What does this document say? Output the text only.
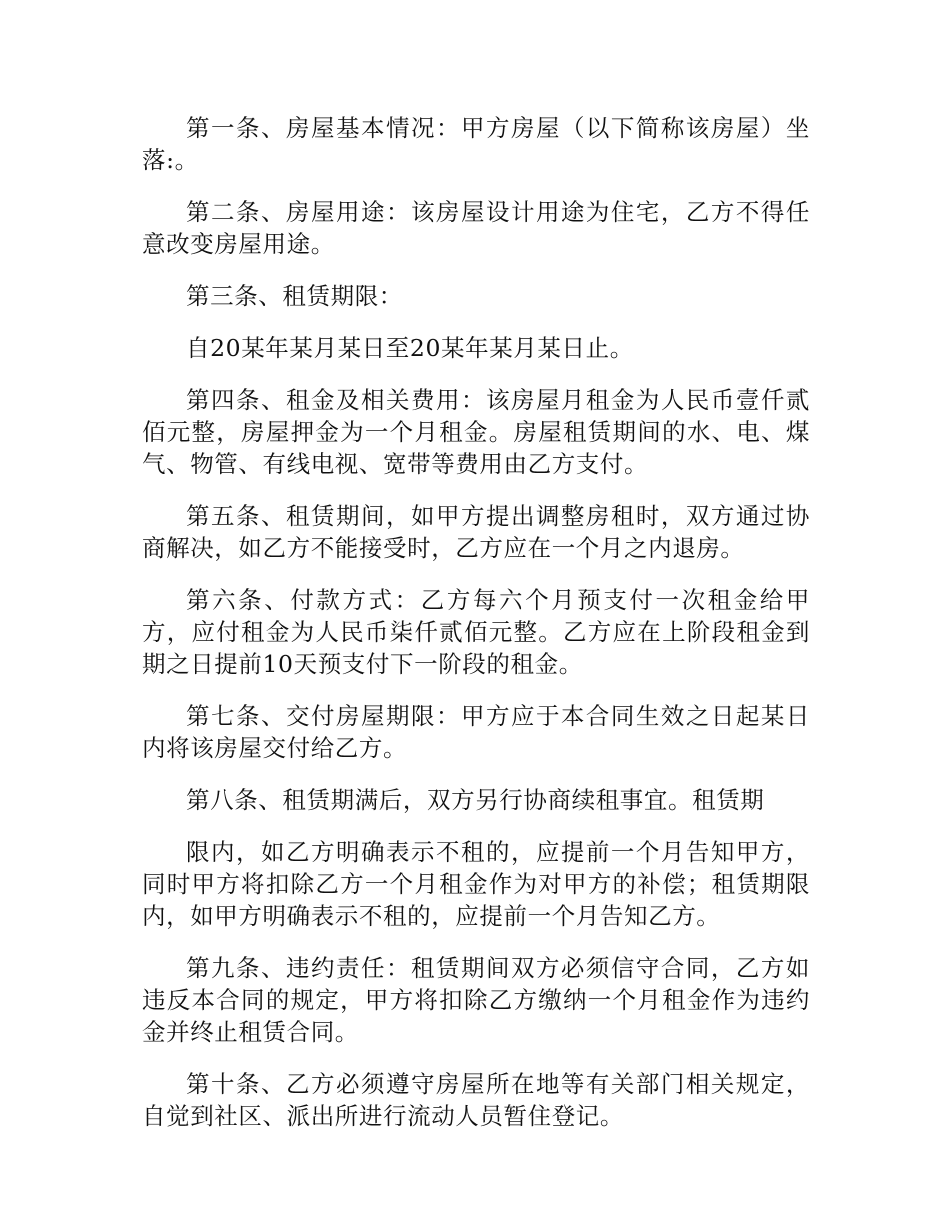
第一条、房屋基本情况：甲方房屋（以下简称该房屋）坐落:。

第二条、房屋用途：该房屋设计用途为住宅，乙方不得任意改变房屋用途。

第三条、租赁期限：

自20某年某月某日至20某年某月某日止。

第四条、租金及相关费用：该房屋月租金为人民币壹仟贰佰元整，房屋押金为一个月租金。房屋租赁期间的水、电、煤气、物管、有线电视、宽带等费用由乙方支付。

第五条、租赁期间，如甲方提出调整房租时，双方通过协商解决，如乙方不能接受时，乙方应在一个月之内退房。

第六条、付款方式：乙方每六个月预支付一次租金给甲方，应付租金为人民币柒仟贰佰元整。乙方应在上阶段租金到期之日提前10天预支付下一阶段的租金。

第七条、交付房屋期限：甲方应于本合同生效之日起某日内将该房屋交付给乙方。

第八条、租赁期满后，双方另行协商续租事宜。租赁期

限内，如乙方明确表示不租的，应提前一个月告知甲方，同时甲方将扣除乙方一个月租金作为对甲方的补偿；租赁期限内，如甲方明确表示不租的，应提前一个月告知乙方。

第九条、违约责任：租赁期间双方必须信守合同，乙方如违反本合同的规定，甲方将扣除乙方缴纳一个月租金作为违约金并终止租赁合同。

第十条、乙方必须遵守房屋所在地等有关部门相关规定，自觉到社区、派出所进行流动人员暂住登记。
